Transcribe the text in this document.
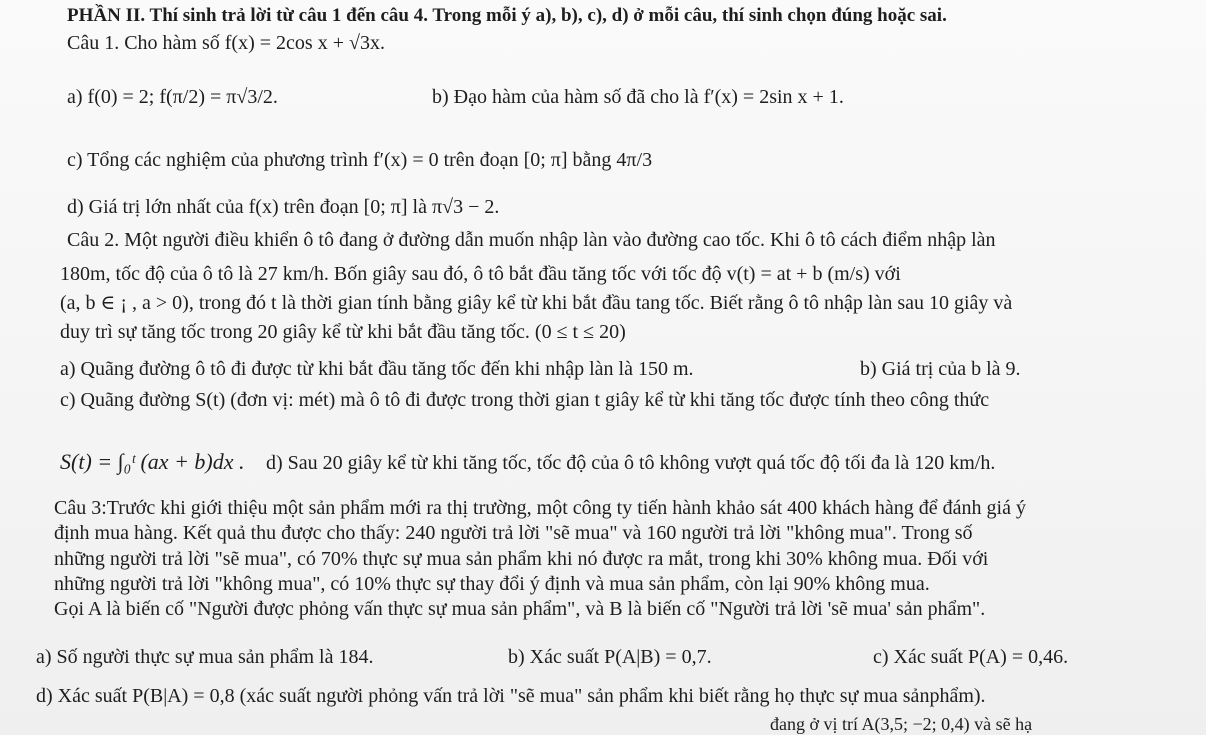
PHẦN II. Thí sinh trả lời từ câu 1 đến câu 4. Trong mỗi ý a), b), c), d) ở mỗi câu, thí sinh chọn đúng hoặc sai.
Câu 1. Cho hàm số f(x) = 2cos x + √3x.
a) f(0) = 2; f(π/2) = π√3/2.	b) Đạo hàm của hàm số đã cho là f′(x) = 2sin x + 1.
c) Tổng các nghiệm của phương trình f′(x) = 0 trên đoạn [0; π] bằng 4π/3
d) Giá trị lớn nhất của f(x) trên đoạn [0; π] là π√3 − 2.
Câu 2. Một người điều khiển ô tô đang ở đường dẫn muốn nhập làn vào đường cao tốc. Khi ô tô cách điểm nhập làn
180m, tốc độ của ô tô là 27 km/h. Bốn giây sau đó, ô tô bắt đầu tăng tốc với tốc độ v(t) = at + b (m/s) với
(a, b ∈ ¡ , a > 0), trong đó t là thời gian tính bằng giây kể từ khi bắt đầu tang tốc. Biết rằng ô tô nhập làn sau 10 giây và
duy trì sự tăng tốc trong 20 giây kể từ khi bắt đầu tăng tốc. (0 ≤ t ≤ 20)
a) Quãng đường ô tô đi được từ khi bắt đầu tăng tốc đến khi nhập làn là 150 m.	b) Giá trị của b là 9.
c) Quãng đường S(t) (đơn vị: mét) mà ô tô đi được trong thời gian t giây kể từ khi tăng tốc được tính theo công thức
S(t) = ∫₀ᵗ (ax + b)dx . d) Sau 20 giây kể từ khi tăng tốc, tốc độ của ô tô không vượt quá tốc độ tối đa là 120 km/h.
Câu 3:Trước khi giới thiệu một sản phẩm mới ra thị trường, một công ty tiến hành khảo sát 400 khách hàng để đánh giá ý
định mua hàng. Kết quả thu được cho thấy: 240 người trả lời "sẽ mua" và 160 người trả lời "không mua". Trong số
những người trả lời "sẽ mua", có 70% thực sự mua sản phẩm khi nó được ra mắt, trong khi 30% không mua. Đối với
những người trả lời "không mua", có 10% thực sự thay đổi ý định và mua sản phẩm, còn lại 90% không mua.
Gọi A là biến cố "Người được phỏng vấn thực sự mua sản phẩm", và B là biến cố "Người trả lời 'sẽ mua' sản phẩm".
a) Số người thực sự mua sản phẩm là 184.	b) Xác suất P(A|B) = 0,7.	c) Xác suất P(A) = 0,46.
d) Xác suất P(B|A) = 0,8 (xác suất người phỏng vấn trả lời "sẽ mua" sản phẩm khi biết rằng họ thực sự mua sảnphẩm).
đang ở vị trí A(3,5; −2; 0,4) và sẽ hạ
